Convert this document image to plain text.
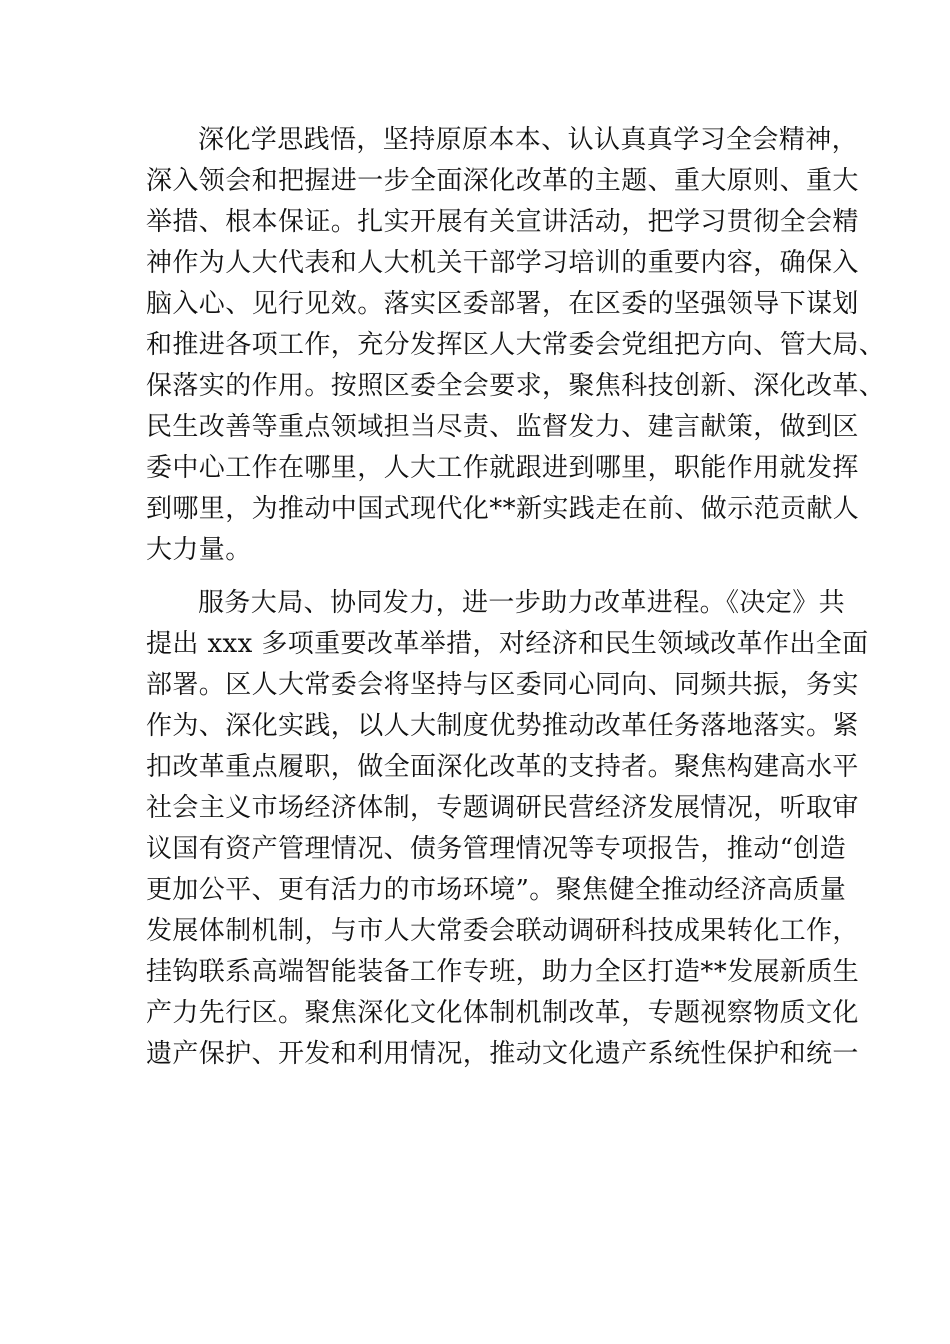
深化学思践悟，坚持原原本本、认认真真学习全会精神，
深入领会和把握进一步全面深化改革的主题、重大原则、重大
举措、根本保证。扎实开展有关宣讲活动，把学习贯彻全会精
神作为人大代表和人大机关干部学习培训的重要内容，确保入
脑入心、见行见效。落实区委部署，在区委的坚强领导下谋划
和推进各项工作，充分发挥区人大常委会党组把方向、管大局、
保落实的作用。按照区委全会要求，聚焦科技创新、深化改革、
民生改善等重点领域担当尽责、监督发力、建言献策，做到区
委中心工作在哪里，人大工作就跟进到哪里，职能作用就发挥
到哪里，为推动中国式现代化**新实践走在前、做示范贡献人
大力量。
服务大局、协同发力，进一步助力改革进程。《决定》共
提出 xxx 多项重要改革举措，对经济和民生领域改革作出全面
部署。区人大常委会将坚持与区委同心同向、同频共振，务实
作为、深化实践，以人大制度优势推动改革任务落地落实。紧
扣改革重点履职，做全面深化改革的支持者。聚焦构建高水平
社会主义市场经济体制，专题调研民营经济发展情况，听取审
议国有资产管理情况、债务管理情况等专项报告，推动“创造
更加公平、更有活力的市场环境”。聚焦健全推动经济高质量
发展体制机制，与市人大常委会联动调研科技成果转化工作，
挂钩联系高端智能装备工作专班，助力全区打造**发展新质生
产力先行区。聚焦深化文化体制机制改革，专题视察物质文化
遗产保护、开发和利用情况，推动文化遗产系统性保护和统一
